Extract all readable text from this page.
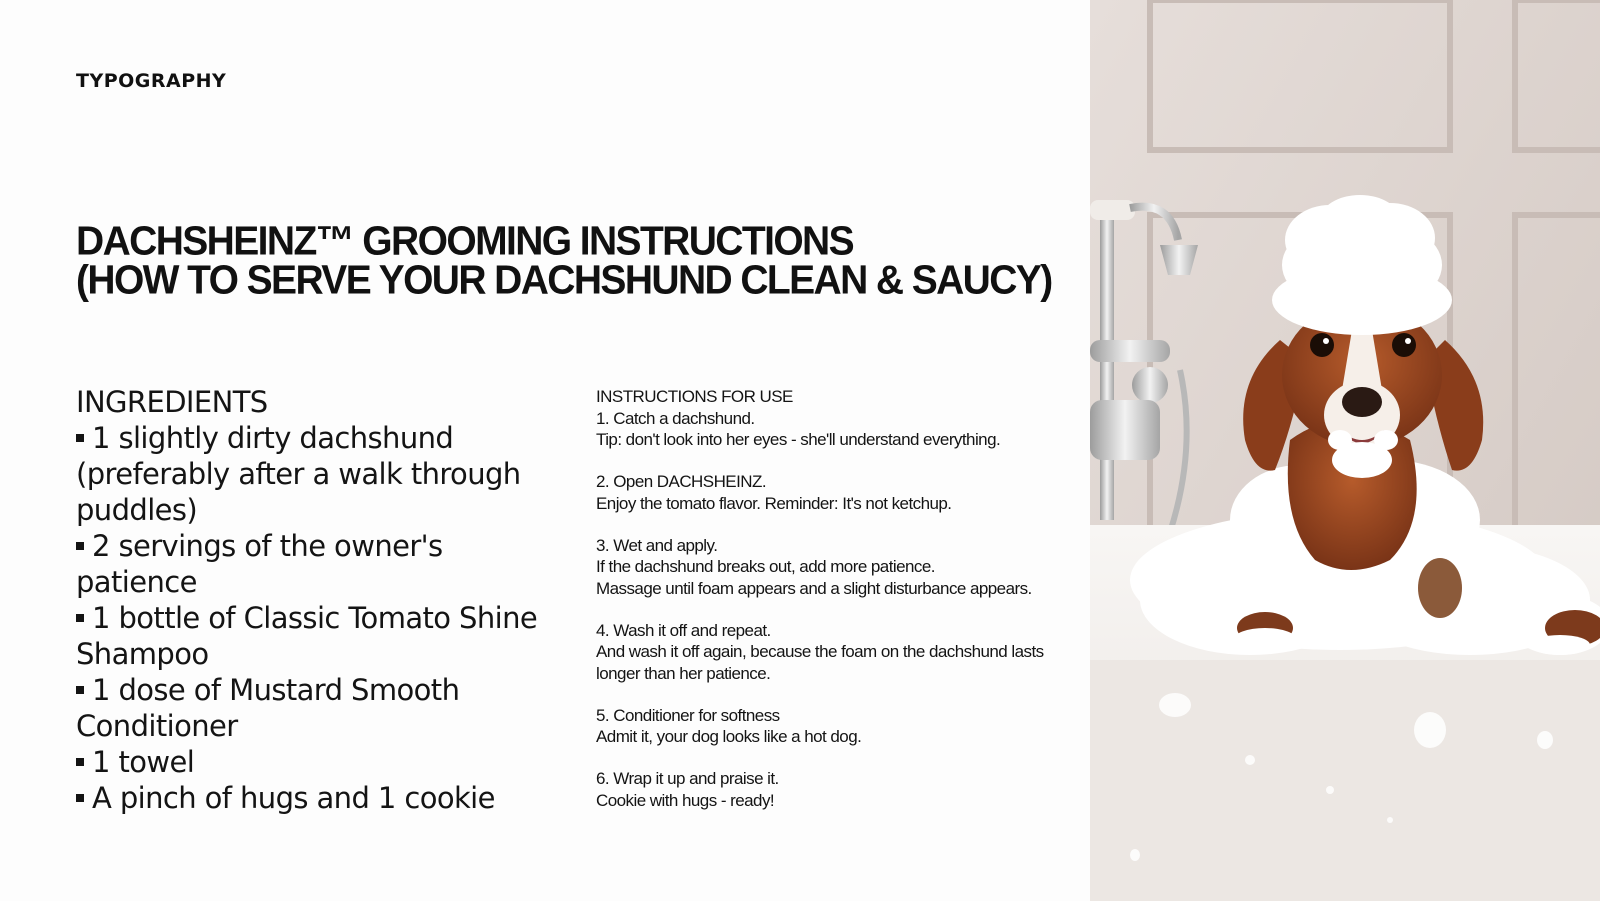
TYPOGRAPHY
DACHSHEINZ™ GROOMING INSTRUCTIONS
(HOW TO SERVE YOUR DACHSHUND CLEAN & SAUCY)
INGREDIENTS
1 slightly dirty dachshund (preferably after a walk through puddles)
2 servings of the owner's patience
1 bottle of Classic Tomato Shine Shampoo
1 dose of Mustard Smooth Conditioner
1 towel
A pinch of hugs and 1 cookie
INSTRUCTIONS FOR USE
1. Catch a dachshund.
Tip: don't look into her eyes - she'll understand everything.
2. Open DACHSHEINZ.
Enjoy the tomato flavor. Reminder: It's not ketchup.
3. Wet and apply.
If the dachshund breaks out, add more patience.
Massage until foam appears and a slight disturbance appears.
4. Wash it off and repeat.
And wash it off again, because the foam on the dachshund lasts longer than her patience.
5. Conditioner for softness
Admit it, your dog looks like a hot dog.
6. Wrap it up and praise it.
Cookie with hugs - ready!
